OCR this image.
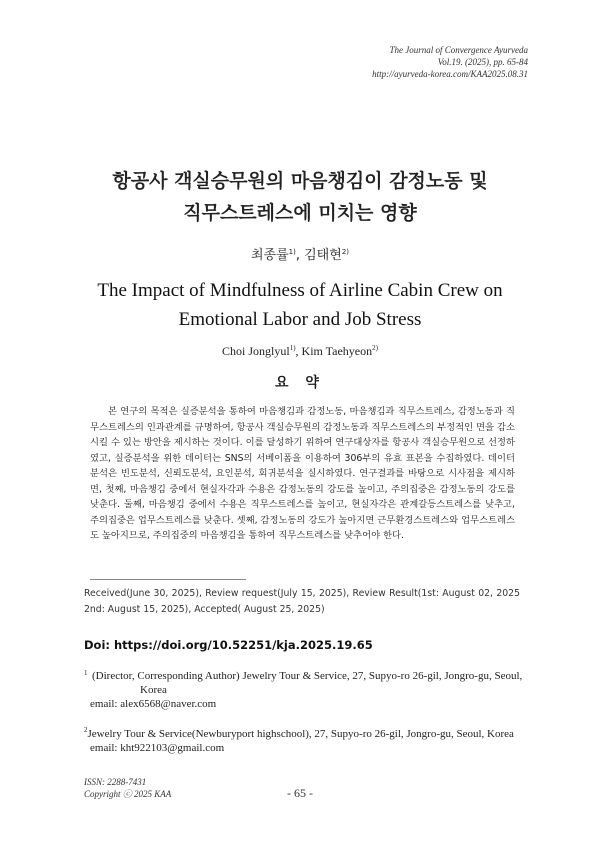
The Journal of Convergence Ayurveda
Vol.19. (2025), pp. 65-84
http://ayurveda-korea.com/KAA2025.08.31
항공사 객실승무원의 마음챙김이 감정노동 및
직무스트레스에 미치는 영향
최종률$^{1)}$, 김태현$^{2)}$
The Impact of Mindfulness of Airline Cabin Crew on Emotional Labor and Job Stress
Choi Jonglyul$^{1)}$, Kim Taehyeon$^{2)}$
요 약
본 연구의 목적은 실증분석을 통하여 마음챙김과 감정노동, 마음챙김과 직무스트레스, 감정노동과 직무스트레스의 인과관계를 규명하여, 항공사 객실승무원의 감정노동과 직무스트레스의 부정적인 면을 감소시킬 수 있는 방안을 제시하는 것이다. 이를 달성하기 위하여 연구대상자를 항공사 객실승무원으로 선정하였고, 실증분석을 위한 데이터는 SNS의 서베이폼을 이용하여 306부의 유효 표본을 수집하였다. 데이터 분석은 빈도분석, 신뢰도분석, 요인분석, 회귀분석을 실시하였다. 연구결과를 바탕으로 시사점을 제시하면, 첫째, 마음챙김 중에서 현실자각과 수용은 감정노동의 강도를 높이고, 주의집중은 감정노동의 강도를 낮춘다. 둘째, 마음챙김 중에서 수용은 직무스트레스를 높이고, 현실자각은 관계갈등스트레스를 낮추고, 주의집중은 업무스트레스를 낮춘다. 셋째, 감정노동의 강도가 높아지면 근무환경스트레스와 업무스트레스도 높아지므로, 주의집중의 마음챙김을 통하여 직무스트레스를 낮추어야 한다.
Received(June 30, 2025), Review request(July 15, 2025), Review Result(1st: August 02, 2025 2nd: August 15, 2025), Accepted( August 25, 2025)
Doi: https://doi.org/10.52251/kja.2025.19.65
1 (Director, Corresponding Author) Jewelry Tour & Service, 27, Supyo-ro 26-gil, Jongro-gu, Seoul,
Korea
email: alex6568@naver.com
$^2$Jewelry Tour & Service(Newburyport highschool), 27, Supyo-ro 26-gil, Jongro-gu, Seoul, Korea
email: kht922103@gmail.com
ISSN: 2288-7431
Copyright ⓒ 2025 KAA	- 65 -
